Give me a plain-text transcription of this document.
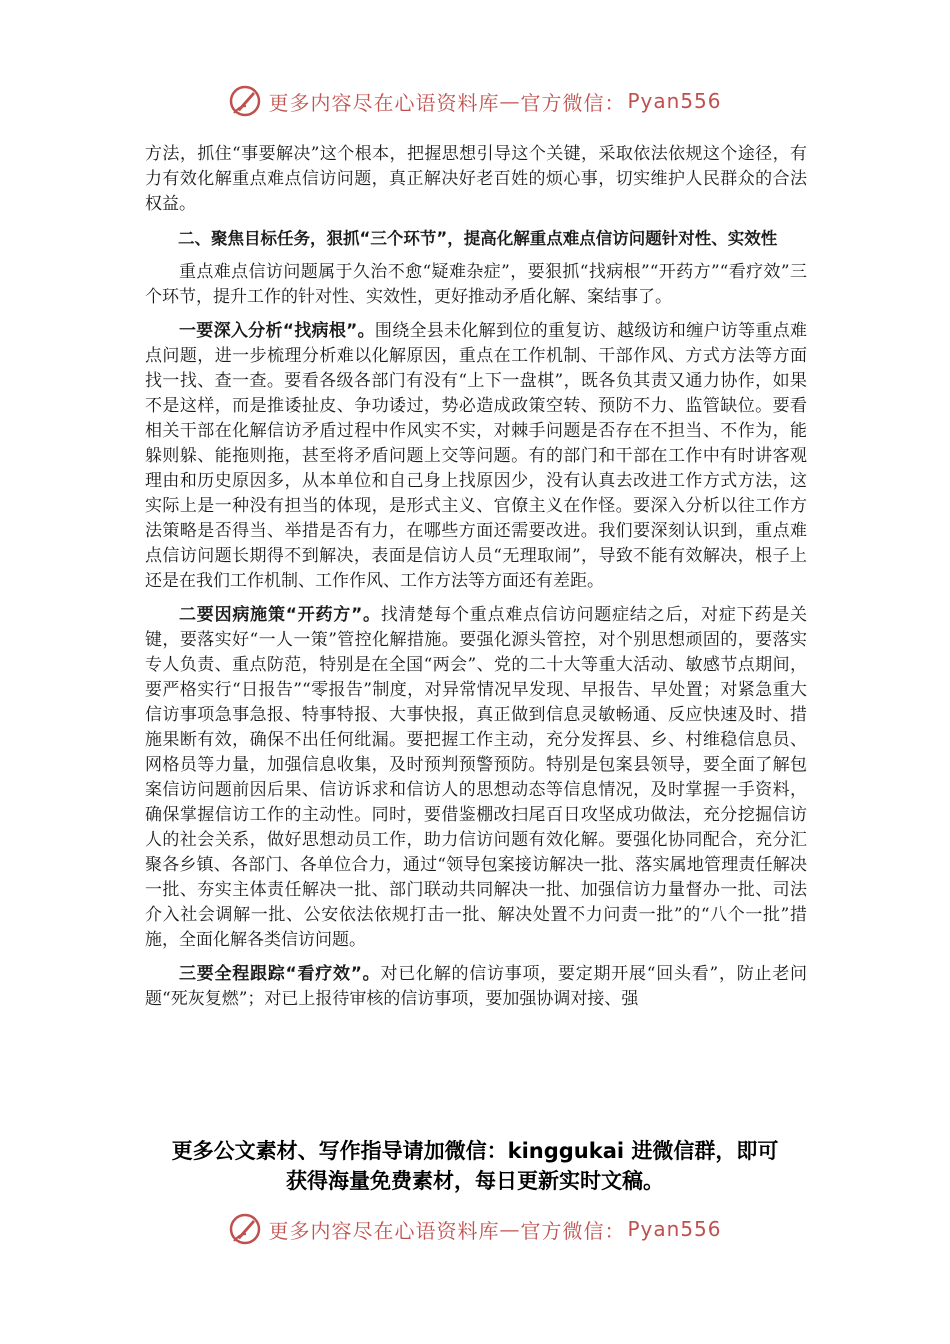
更多内容尽在心语资料库 — 官方微信： Pyan556

方法，抓住“事要解决”这个根本，把握思想引导这个关键，采取依法依规这个途径，有力有效化解重点难点信访问题，真正解决好老百姓的烦心事，切实维护人民群众的合法权益。

二、聚焦目标任务，狠抓“三个环节”，提高化解重点难点信访问题针对性、实效性

重点难点信访问题属于久治不愈“疑难杂症”，要狠抓“找病根”“开药方”“看疗效”三个环节，提升工作的针对性、实效性，更好推动矛盾化解、案结事了。

一要深入分析“找病根”。围绕全县未化解到位的重复访、越级访和缠户访等重点难点问题，进一步梳理分析难以化解原因，重点在工作机制、干部作风、方式方法等方面找一找、查一查。要看各级各部门有没有“上下一盘棋”，既各负其责又通力协作，如果不是这样，而是推诿扯皮、争功诿过，势必造成政策空转、预防不力、监管缺位。要看相关干部在化解信访矛盾过程中作风实不实，对棘手问题是否存在不担当、不作为，能躲则躲、能拖则拖，甚至将矛盾问题上交等问题。有的部门和干部在工作中有时讲客观理由和历史原因多，从本单位和自己身上找原因少，没有认真去改进工作方式方法，这实际上是一种没有担当的体现，是形式主义、官僚主义在作怪。要深入分析以往工作方法策略是否得当、举措是否有力，在哪些方面还需要改进。我们要深刻认识到，重点难点信访问题长期得不到解决，表面是信访人员“无理取闹”，导致不能有效解决，根子上还是在我们工作机制、工作作风、工作方法等方面还有差距。

二要因病施策“开药方”。找清楚每个重点难点信访问题症结之后，对症下药是关键，要落实好“一人一策”管控化解措施。要强化源头管控，对个别思想顽固的，要落实专人负责、重点防范，特别是在全国“两会”、党的二十大等重大活动、敏感节点期间，要严格实行“日报告”“零报告”制度，对异常情况早发现、早报告、早处置；对紧急重大信访事项急事急报、特事特报、大事快报，真正做到信息灵敏畅通、反应快速及时、措施果断有效，确保不出任何纰漏。要把握工作主动，充分发挥县、乡、村维稳信息员、网格员等力量，加强信息收集，及时预判预警预防。特别是包案县领导，要全面了解包案信访问题前因后果、信访诉求和信访人的思想动态等信息情况，及时掌握一手资料，确保掌握信访工作的主动性。同时，要借鉴棚改扫尾百日攻坚成功做法，充分挖掘信访人的社会关系，做好思想动员工作，助力信访问题有效化解。要强化协同配合，充分汇聚各乡镇、各部门、各单位合力，通过“领导包案接访解决一批、落实属地管理责任解决一批、夯实主体责任解决一批、部门联动共同解决一批、加强信访力量督办一批、司法介入社会调解一批、公安依法依规打击一批、解决处置不力问责一批”的“八个一批”措施，全面化解各类信访问题。

三要全程跟踪“看疗效”。对已化解的信访事项，要定期开展“回头看”，防止老问题“死灰复燃”；对已上报待审核的信访事项，要加强协调对接、强

更多公文素材、写作指导请加微信：kinggukai 进微信群，即可
获得海量免费素材，每日更新实时文稿。
更多内容尽在心语资料库 — 官方微信： Pyan556
